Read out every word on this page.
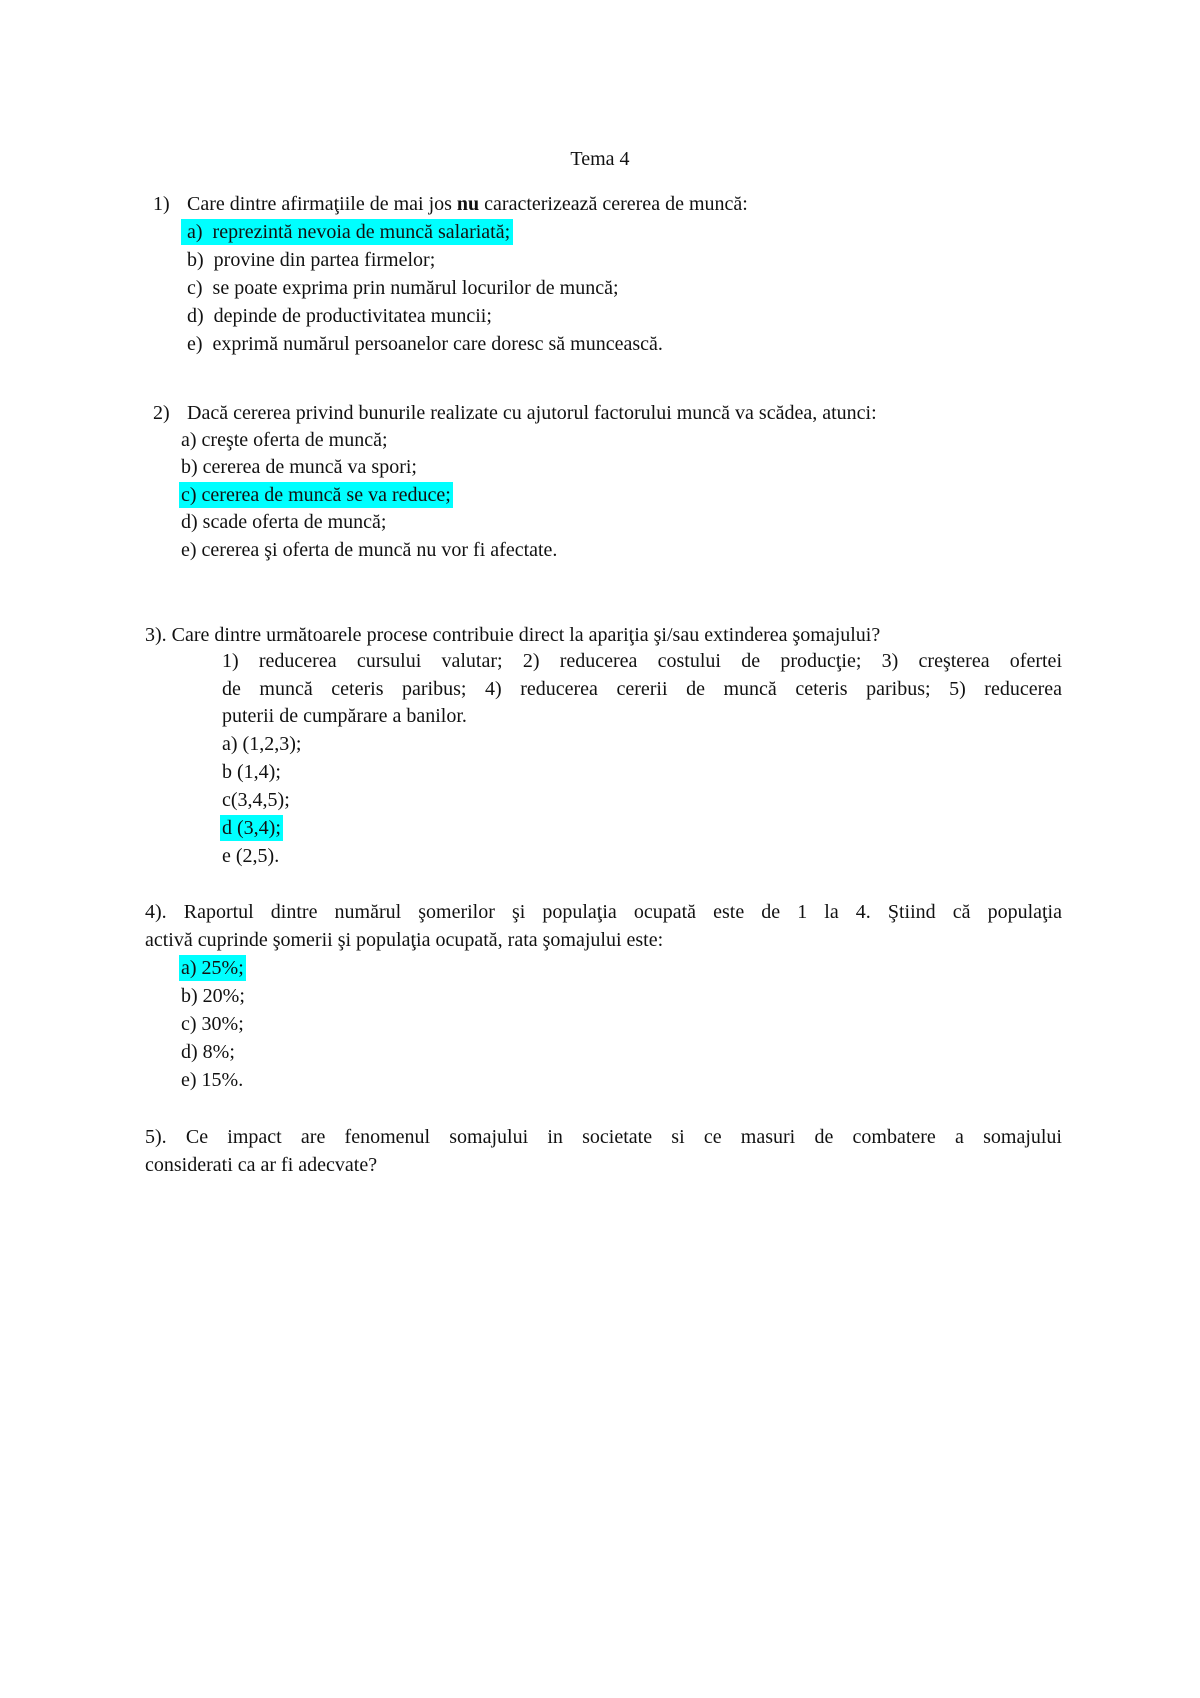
Tema 4
1) Care dintre afirmaţiile de mai jos nu caracterizează cererea de muncă:
a) reprezintă nevoia de muncă salariată;
b) provine din partea firmelor;
c) se poate exprima prin numărul locurilor de muncă;
d) depinde de productivitatea muncii;
e) exprimă numărul persoanelor care doresc să muncească.
2) Dacă cererea privind bunurile realizate cu ajutorul factorului muncă va scădea, atunci:
a) creşte oferta de muncă;
b) cererea de muncă va spori;
c) cererea de muncă se va reduce;
d) scade oferta de muncă;
e) cererea şi oferta de muncă nu vor fi afectate.
3). Care dintre următoarele procese contribuie direct la apariţia şi/sau extinderea şomajului?
1) reducerea cursului valutar; 2) reducerea costului de producţie; 3) creşterea ofertei
de muncă ceteris paribus; 4) reducerea cererii de muncă ceteris paribus; 5) reducerea
puterii de cumpărare a banilor.
a) (1,2,3);
b (1,4);
c(3,4,5);
d (3,4);
e (2,5).
4). Raportul dintre numărul şomerilor şi populaţia ocupată este de 1 la 4. Ştiind că populaţia
activă cuprinde şomerii şi populaţia ocupată, rata şomajului este:
a) 25%;
b) 20%;
c) 30%;
d) 8%;
e) 15%.
5). Ce impact are fenomenul somajului in societate si ce masuri de combatere a somajului
considerati ca ar fi adecvate?
